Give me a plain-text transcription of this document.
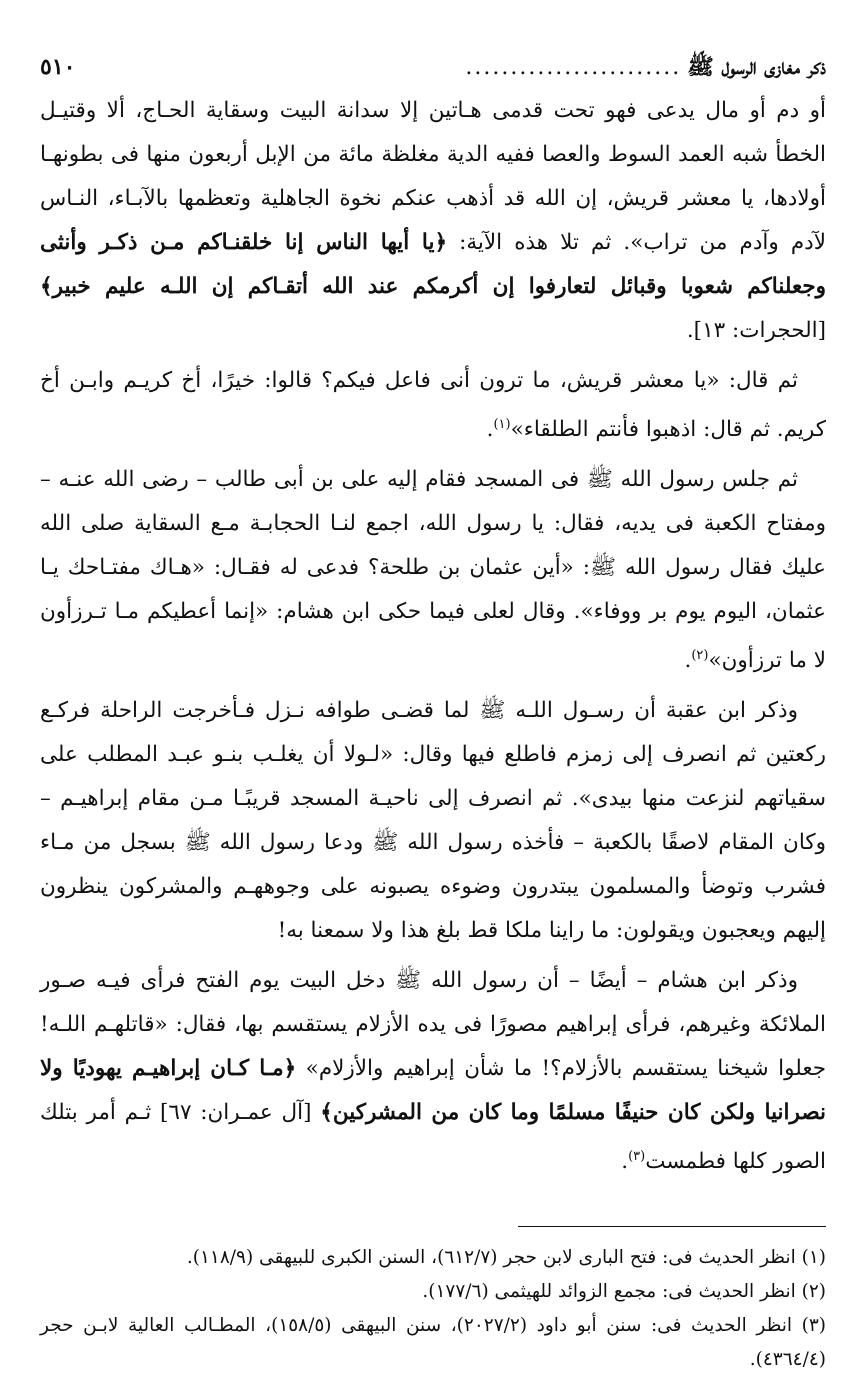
ذكر مغازى الرسول ﷺ
........................
٥١٠

أو دم أو مال يدعى فهو تحت قدمى هـاتين إلا سدانة البيت وسقاية الحـاج، ألا وقتيـل الخطأ شبه العمد السوط والعصا ففيه الدية مغلظة مائة من الإبل أربعون منها فى بطونهـا أولادها، يا معشر قريش، إن الله قد أذهب عنكم نخوة الجاهلية وتعظمها بالآبـاء، النـاس لآدم وآدم من تراب». ثم تلا هذه الآية: ﴿يا أيها الناس إنا خلقنـاكم مـن ذكـر وأنثى وجعلناكم شعوبا وقبائل لتعارفوا إن أكرمكم عند الله أتقـاكم إن اللـه عليم خبير﴾ [الحجرات: ١٣].

ثم قال: «يا معشر قريش، ما ترون أنى فاعل فيكم؟ قالوا: خيرًا، أخ كريـم وابـن أخ كريم. ثم قال: اذهبوا فأنتم الطلقاء»$^{(١)}$.

ثم جلس رسول الله ﷺ فى المسجد فقام إليه على بن أبى طالب – رضى الله عنـه – ومفتاح الكعبة فى يديه، فقال: يا رسول الله، اجمع لنـا الحجابـة مـع السقاية صلى الله عليك فقال رسول الله ﷺ: «أين عثمان بن طلحة؟ فدعى له فقـال: «هـاك مفتـاحك يـا عثمان، اليوم يوم بر ووفاء». وقال لعلى فيما حكى ابن هشام: «إنما أعطيكم مـا تـرزأون لا ما ترزأون»$^{(٢)}$.

وذكر ابن عقبة أن رسـول اللـه ﷺ لما قضـى طوافه نـزل فـأخرجت الراحلة فركـع ركعتين ثم انصرف إلى زمزم فاطلع فيها وقال: «لـولا أن يغلـب بنـو عبـد المطلب على سقياتهم لنزعت منها بيدى». ثم انصرف إلى ناحيـة المسجد قريبًـا مـن مقام إبراهيـم – وكان المقام لاصقًا بالكعبة – فأخذه رسول الله ﷺ ودعا رسول الله ﷺ بسجل من مـاء فشرب وتوضأ والمسلمون يبتدرون وضوءه يصبونه على وجوههـم والمشركون ينظرون إليهم ويعجبون ويقولون: ما راينا ملكا قط بلغ هذا ولا سمعنا به!

وذكر ابن هشام – أيضًا – أن رسول الله ﷺ دخل البيت يوم الفتح فرأى فيـه صـور الملائكة وغيرهم، فرأى إبراهيم مصورًا فى يده الأزلام يستقسم بها، فقال: «قاتلهـم اللـه! جعلوا شيخنا يستقسم بالأزلام؟! ما شأن إبراهيم والأزلام» ﴿مـا كـان إبراهيـم يهوديًا ولا نصرانيا ولكن كان حنيفًا مسلمًا وما كان من المشركين﴾ [آل عمـران: ٦٧] ثـم أمر بتلك الصور كلها فطمست$^{(٣)}$.

(١) انظر الحديث فى: فتح البارى لابن حجر (٦١٢/٧)، السنن الكبرى للبيهقى (١١٨/٩).

(٢) انظر الحديث فى: مجمع الزوائد للهيثمى (١٧٧/٦).

(٣) انظر الحديث فى: سنن أبو داود (٢٠٢٧/٢)، سنن البيهقى (١٥٨/٥)، المطـالب العالية لابـن حجر (٤٣٦٤/٤).
